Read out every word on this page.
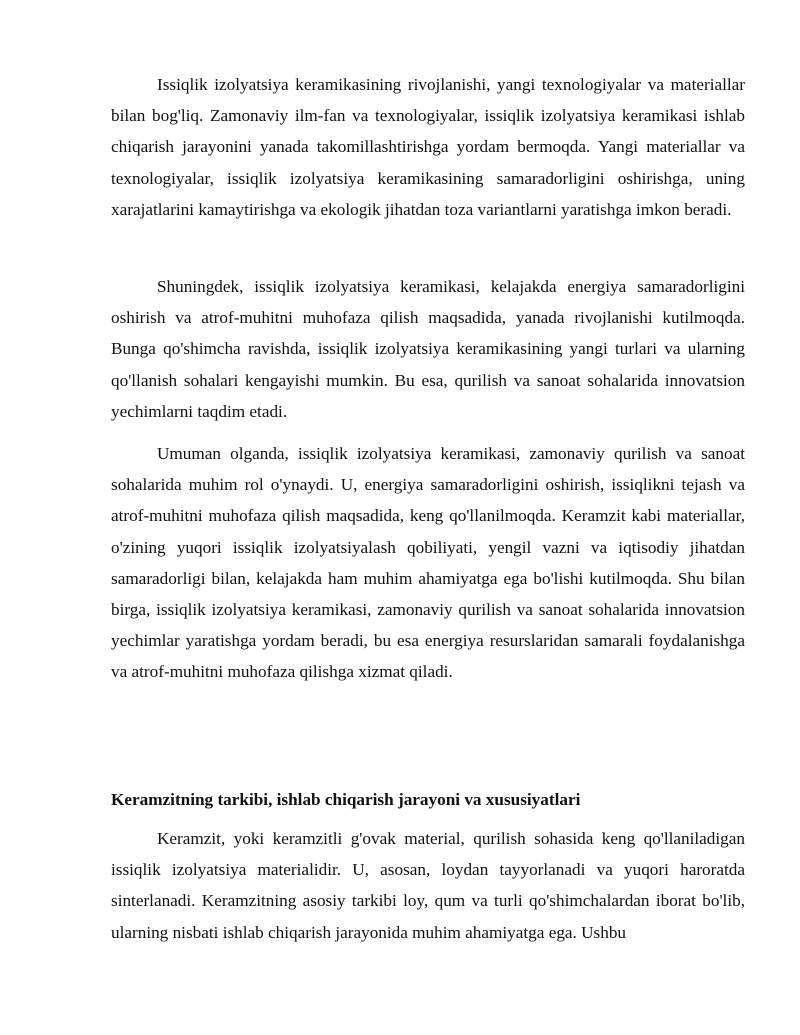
Issiqlik izolyatsiya keramikasining rivojlanishi, yangi texnologiyalar va materiallar bilan bog'liq. Zamonaviy ilm-fan va texnologiyalar, issiqlik izolyatsiya keramikasi ishlab chiqarish jarayonini yanada takomillashtirishga yordam bermoqda. Yangi materiallar va texnologiyalar, issiqlik izolyatsiya keramikasining samaradorligini oshirishga, uning xarajatlarini kamaytirishga va ekologik jihatdan toza variantlarni yaratishga imkon beradi.

Shuningdek, issiqlik izolyatsiya keramikasi, kelajakda energiya samaradorligini oshirish va atrof-muhitni muhofaza qilish maqsadida, yanada rivojlanishi kutilmoqda. Bunga qo'shimcha ravishda, issiqlik izolyatsiya keramikasining yangi turlari va ularning qo'llanish sohalari kengayishi mumkin. Bu esa, qurilish va sanoat sohalarida innovatsion yechimlarni taqdim etadi.

Umuman olganda, issiqlik izolyatsiya keramikasi, zamonaviy qurilish va sanoat sohalarida muhim rol o'ynaydi. U, energiya samaradorligini oshirish, issiqlikni tejash va atrof-muhitni muhofaza qilish maqsadida, keng qo'llanilmoqda. Keramzit kabi materiallar, o'zining yuqori issiqlik izolyatsiyalash qobiliyati, yengil vazni va iqtisodiy jihatdan samaradorligi bilan, kelajakda ham muhim ahamiyatga ega bo'lishi kutilmoqda. Shu bilan birga, issiqlik izolyatsiya keramikasi, zamonaviy qurilish va sanoat sohalarida innovatsion yechimlar yaratishga yordam beradi, bu esa energiya resurslaridan samarali foydalanishga va atrof-muhitni muhofaza qilishga xizmat qiladi.

Keramzitning tarkibi, ishlab chiqarish jarayoni va xususiyatlari

Keramzit, yoki keramzitli g'ovak material, qurilish sohasida keng qo'llaniladigan issiqlik izolyatsiya materialidir. U, asosan, loydan tayyorlanadi va yuqori haroratda sinterlanadi. Keramzitning asosiy tarkibi loy, qum va turli qo'shimchalardan iborat bo'lib, ularning nisbati ishlab chiqarish jarayonida muhim ahamiyatga ega. Ushbu
